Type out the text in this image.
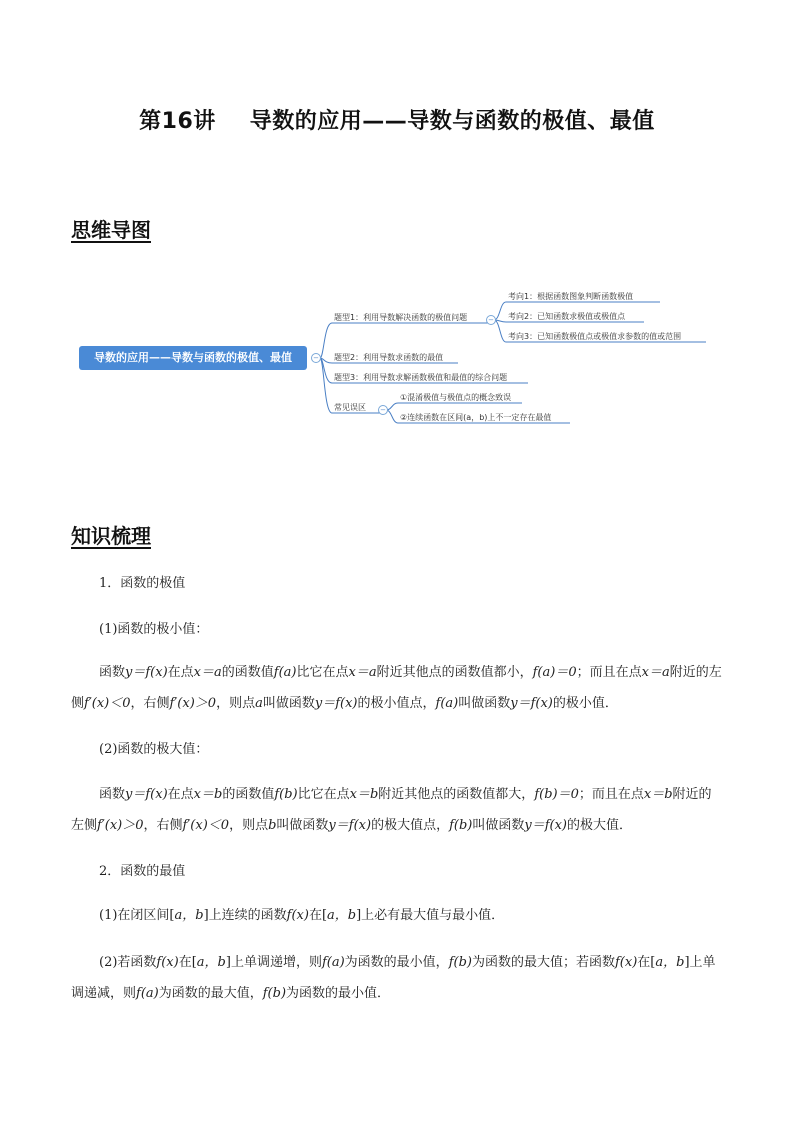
第16讲 导数的应用——导数与函数的极值、最值
思维导图
−
−
−
题型1：利用导数解决函数的极值问题
考向1：根据函数图象判断函数极值
考向2：已知函数求极值或极值点
考向3：已知函数极值点或极值求参数的值或范围
题型2：利用导数求函数的最值
题型3：利用导数求解函数极值和最值的综合问题
常见误区
①混淆极值与极值点的概念致误
②连续函数在区间(a，b)上不一定存在最值
导数的应用——导数与函数的极值、最值
知识梳理
1．函数的极值
(1)函数的极小值：
函数y＝f(x)在点x＝a的函数值f(a)比它在点x＝a附近其他点的函数值都小，f(a)＝0；而且在点x＝a附近的左侧f′(x)＜0，右侧f′(x)＞0，则点a叫做函数y＝f(x)的极小值点，f(a)叫做函数y＝f(x)的极小值．
(2)函数的极大值：
函数y＝f(x)在点x＝b的函数值f(b)比它在点x＝b附近其他点的函数值都大，f(b)＝0；而且在点x＝b附近的左侧f′(x)＞0，右侧f′(x)＜0，则点b叫做函数y＝f(x)的极大值点，f(b)叫做函数y＝f(x)的极大值．
2．函数的最值
(1)在闭区间[a，b]上连续的函数f(x)在[a，b]上必有最大值与最小值．
(2)若函数f(x)在[a，b]上单调递增，则f(a)为函数的最小值，f(b)为函数的最大值；若函数f(x)在[a，b]上单调递减，则f(a)为函数的最大值，f(b)为函数的最小值．
